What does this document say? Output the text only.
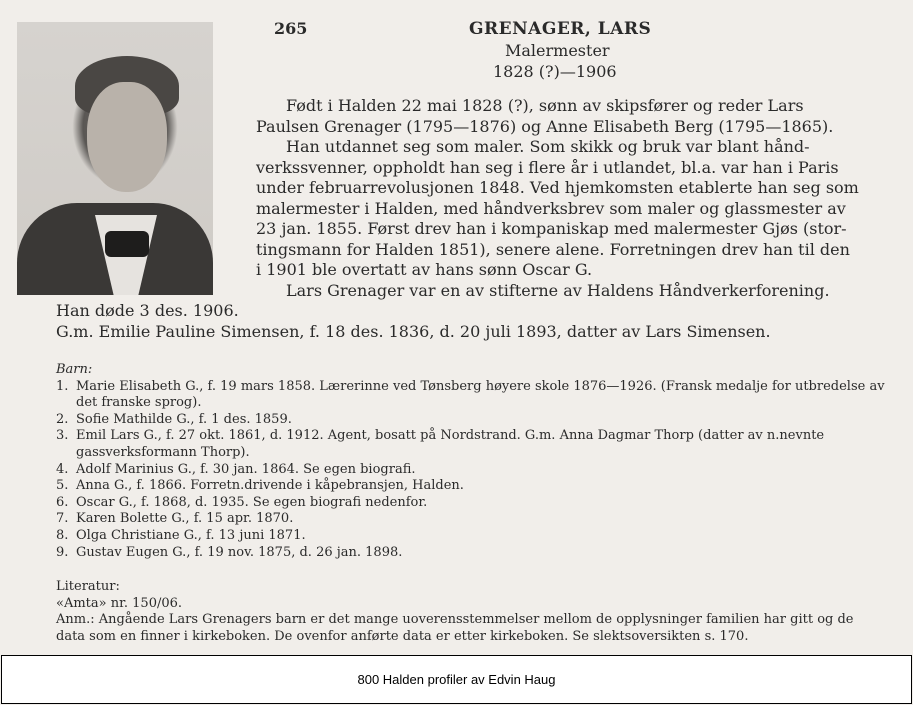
265	GRENAGER, LARS
Malermester
1828 (?)—1906

Født i Halden 22 mai 1828 (?), sønn av skipsfører og reder Lars

Paulsen Grenager (1795—1876) og Anne Elisabeth Berg (1795—1865).

Han utdannet seg som maler. Som skikk og bruk var blant hånd-

verkssvenner, oppholdt han seg i flere år i utlandet, bl.a. var han i Paris

under februarrevolusjonen 1848. Ved hjemkomsten etablerte han seg som

malermester i Halden, med håndverksbrev som maler og glassmester av

23 jan. 1855. Først drev han i kompaniskap med malermester Gjøs (stor-

tingsmann for Halden 1851), senere alene. Forretningen drev han til den

i 1901 ble overtatt av hans sønn Oscar G.

Lars Grenager var en av stifterne av Haldens Håndverkerforening.

Han døde 3 des. 1906.

G.m. Emilie Pauline Simensen, f. 18 des. 1836, d. 20 juli 1893, datter av Lars Simensen.

Barn:
1. Marie Elisabeth G., f. 19 mars 1858. Lærerinne ved Tønsberg høyere skole 1876—1926. (Fransk medalje for utbredelse av det franske sprog).
2. Sofie Mathilde G., f. 1 des. 1859.
3. Emil Lars G., f. 27 okt. 1861, d. 1912. Agent, bosatt på Nordstrand. G.m. Anna Dagmar Thorp (datter av n.nevnte gassverksformann Thorp).
4. Adolf Marinius G., f. 30 jan. 1864. Se egen biografi.
5. Anna G., f. 1866. Forretn.drivende i kåpebransjen, Halden.
6. Oscar G., f. 1868, d. 1935. Se egen biografi nedenfor.
7. Karen Bolette G., f. 15 apr. 1870.
8. Olga Christiane G., f. 13 juni 1871.
9. Gustav Eugen G., f. 19 nov. 1875, d. 26 jan. 1898.
Literatur:
«Amta» nr. 150/06.
Anm.: Angående Lars Grenagers barn er det mange uoverensstemmelser mellom de opplysninger familien har gitt og de data som en finner i kirkeboken. De ovenfor anførte data er etter kirkeboken. Se slektsoversikten s. 170.
800 Halden profiler av Edvin Haug
